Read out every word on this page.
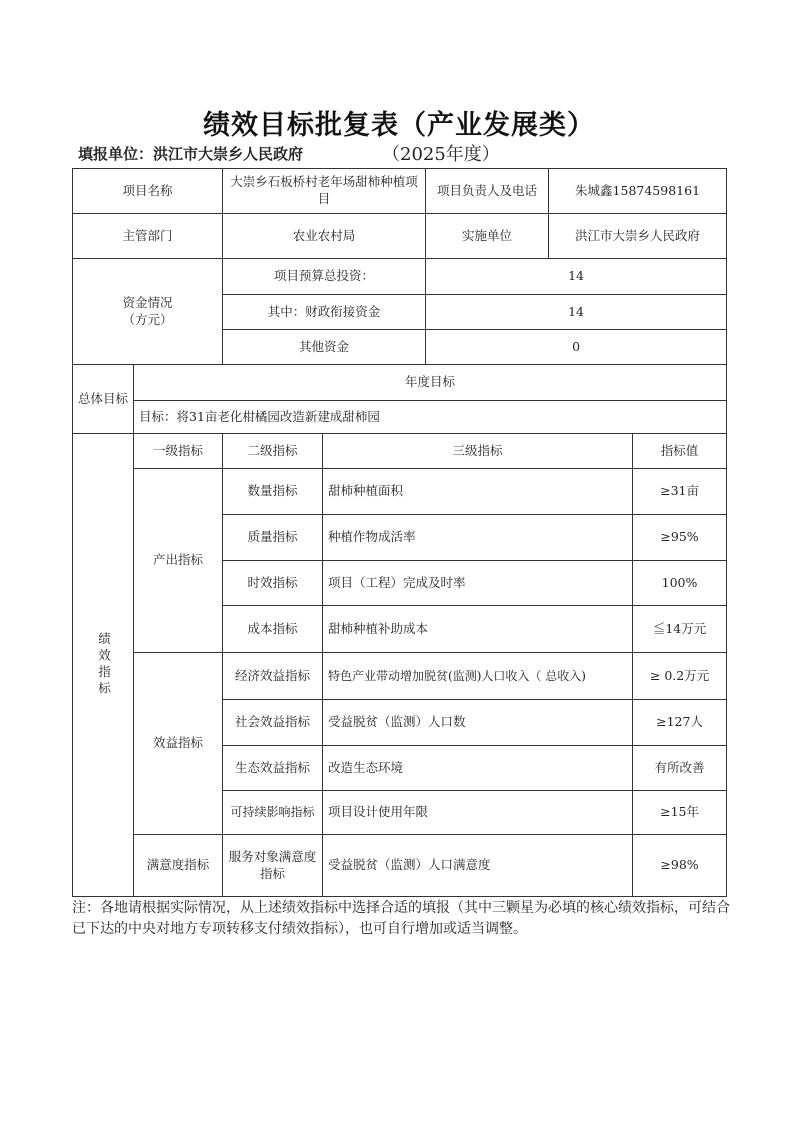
绩效目标批复表（产业发展类）
填报单位：洪江市大崇乡人民政府	（2025年度）
项目名称		大崇乡石板桥村老年场甜柿种植项目		项目负责人及电话	朱城鑫15874598161	
主管部门		农业农村局		实施单位	洪江市大崇乡人民政府	

资金情况
（方元）		项目预算总投资：		14		
		其中：财政衔接资金		14		
		其他资金		0		
总体目标	年度目标					
	目标：将31亩老化柑橘园改造新建成甜柿园					

绩效指标	一级指标	二级指标	三级指标			指标值
	产出指标	数量指标	甜柿种植面积			≥31亩
		质量指标	种植作物成活率			≥95%
		时效指标	项目（工程）完成及时率			100%
		成本指标	甜柿种植补助成本			≦14万元
	效益指标	经济效益指标	特色产业带动增加脱贫(监测)人口收入（ 总收入)			≥ 0.2万元
		社会效益指标	受益脱贫（监测）人口数			≥127人
		生态效益指标	改造生态环境			有所改善
		可持续影响指标	项目设计使用年限			≥15年
	满意度指标	服务对象满意度指标	受益脱贫（监测）人口满意度			≥98%
注：各地请根据实际情况，从上述绩效指标中选择合适的填报（其中三颗星为必填的核心绩效指标，可结合已下达的中央对地方专项转移支付绩效指标），也可自行增加或适当调整。
